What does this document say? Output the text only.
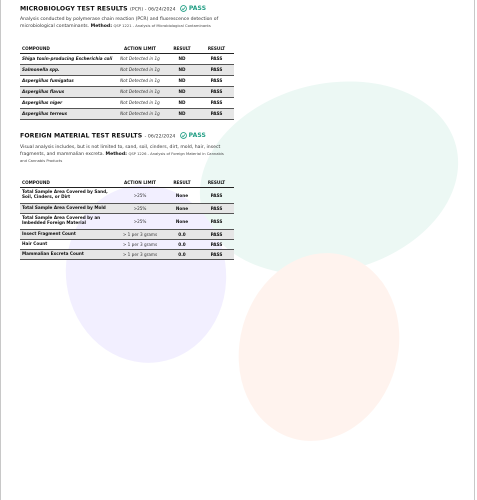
MICROBIOLOGY TEST RESULTS (PCR) - 06/24/2024 PASS
Analysis conducted by polymerase chain reaction (PCR) and fluorescence detection of microbiological contaminants. Method: QSP 1221 - Analysis of Microbiological Contaminants
COMPOUND	ACTION LIMIT	RESULT	RESULT
Shiga toxin-producing Escherichia coli	Not Detected in 1g	ND	PASS
Salmonella spp.	Not Detected in 1g	ND	PASS
Aspergillus fumigatus	Not Detected in 1g	ND	PASS
Aspergillus flavus	Not Detected in 1g	ND	PASS
Aspergillus niger	Not Detected in 1g	ND	PASS
Aspergillus terreus	Not Detected in 1g	ND	PASS
FOREIGN MATERIAL TEST RESULTS - 06/22/2024 PASS
Visual analysis includes, but is not limited to, sand, soil, cinders, dirt, mold, hair, insect fragments, and mammalian excreta. Method: QSP 1226 - Analysis of Foreign Material in Cannabis and Cannabis Products
COMPOUND	ACTION LIMIT	RESULT	RESULT
Total Sample Area Covered by Sand, Soil, Cinders, or Dirt	>25%	None	PASS
Total Sample Area Covered by Mold	>25%	None	PASS
Total Sample Area Covered by an Imbedded Foreign Material	>25%	None	PASS
Insect Fragment Count	> 1 per 3 grams	0.0	PASS
Hair Count	> 1 per 3 grams	0.0	PASS
Mammalian Excreta Count	> 1 per 3 grams	0.0	PASS
